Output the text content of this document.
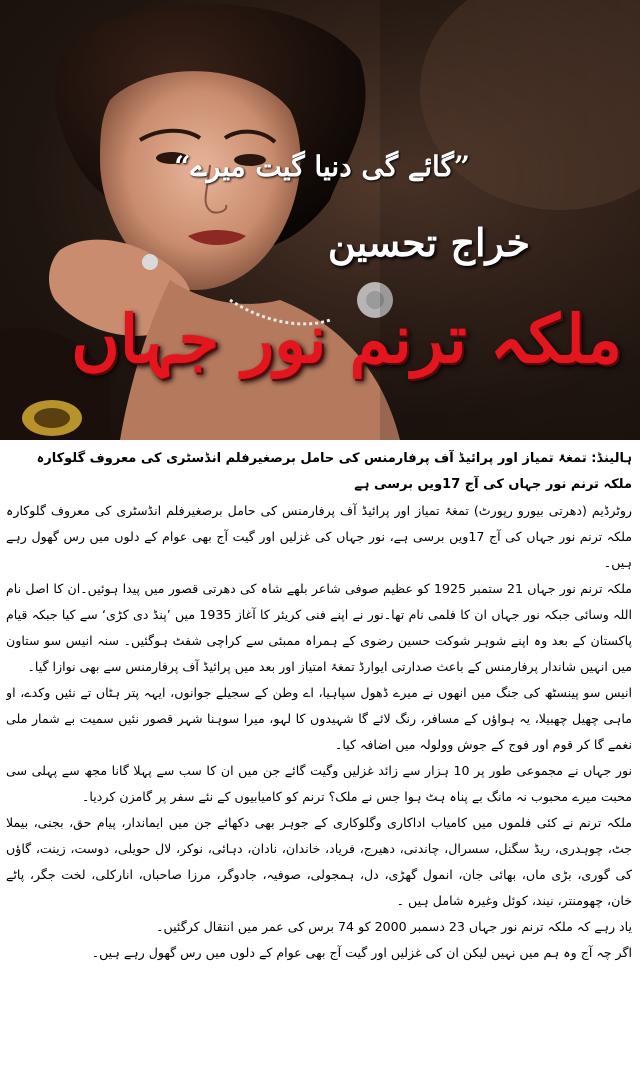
”گائے گی دنیا گیت میرے“
خراج تحسین
ملکہ ترنم نور جہاں

ہالینڈ: تمغۂ تمیاز اور پرائیڈ آف پرفارمنس کی حامل برصغیرفلم انڈسٹری کی معروف گلوکارہ ملکہ ترنم نور جہاں کی آج 17ویں برسی ہے

روٹرڈیم (دھرتی بیورو رپورٹ) تمغۂ تمیاز اور پرائیڈ آف پرفارمنس کی حامل برصغیرفلم انڈسٹری کی معروف گلوکارہ ملکہ ترنم نور جہاں کی آج 17ویں برسی ہے، نور جہاں کی غزلیں اور گیت آج بھی عوام کے دلوں میں رس گھول رہے ہیں۔

ملکہ ترنم نور جہاں 21 ستمبر 1925 کو عظیم صوفی شاعر بلھے شاہ کی دھرتی قصور میں پیدا ہوئیں۔ان کا اصل نام اللہ وسائی جبکہ نور جہاں ان کا فلمی نام تھا۔نور نے اپنے فنی کریئر کا آغاز 1935 میں ’پنڈ دی کڑی‘ سے کیا جبکہ قیام پاکستان کے بعد وہ اپنے شوہر شوکت حسین رضوی کے ہمراہ ممبئی سے کراچی شفٹ ہوگئیں۔ سنہ انیس سو ستاون میں انہیں شاندار پرفارمنس کے باعث صدارتی ایوارڈ تمغۂ امتیاز اور بعد میں پرائیڈ آف پرفارمنس سے بھی نوازا گیا۔

انیس سو پینسٹھ کی جنگ میں انھوں نے میرے ڈھول سپاہیا، اے وطن کے سجیلے جوانوں، ایہہ پتر ہٹاں تے نئیں وکدے، او ماہی چھیل چھبیلا، یہ ہواؤں کے مسافر، رنگ لائے گا شہیدوں کا لہو، میرا سوہنا شہر قصور نئیں سمیت بے شمار ملی نغمے گا کر قوم اور فوج کے جوش وولولہ میں اضافہ کیا۔

نور جہاں نے مجموعی طور پر 10 ہزار سے زائد غزلیں وگیت گائے جن میں ان کا سب سے پہلا گانا مجھ سے پہلی سی محبت میرے محبوب نہ مانگ بے پناہ ہٹ ہوا جس نے ملک؟ ترنم کو کامیابیوں کے نئے سفر پر گامزن کردیا۔

ملکہ ترنم نے کئی فلموں میں کامیاب اداکاری وگلوکاری کے جوہر بھی دکھائے جن میں ایماندار، پیام حق، بجنی، بیملا جٹ، چوہدری، ریڈ سگنل، سسرال، چاندنی، دھیرج، فریاد، خاندان، نادان، دہائی، نوکر، لال حویلی، دوست، زینت، گاؤں کی گوری، بڑی ماں، بھائی جان، انمول گھڑی، دل، ہمجولی، صوفیہ، جادوگر، مرزا صاحباں، انارکلی، لخت جگر، پاٹے خان، چھومنتر، نیند، کوئل وغیرہ شامل ہیں ۔

یاد رہے کہ ملکہ ترنم نور جہاں 23 دسمبر 2000 کو 74 برس کی عمر میں انتقال کرگئیں۔

اگر چہ آج وہ ہم میں نہیں لیکن ان کی غزلیں اور گیت آج بھی عوام کے دلوں میں رس گھول رہے ہیں۔
